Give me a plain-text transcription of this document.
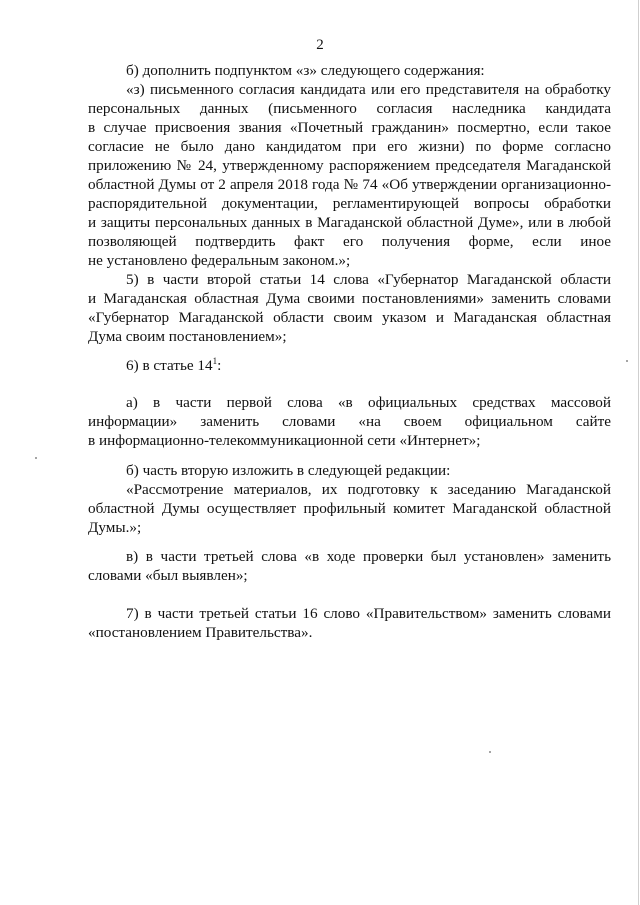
2
б) дополнить подпунктом «з» следующего содержания:
«з) письменного согласия кандидата или его представителя на обработку
персональных данных (письменного согласия наследника кандидата
в случае присвоения звания «Почетный гражданин» посмертно, если такое
согласие не было дано кандидатом при его жизни) по форме согласно
приложению № 24, утвержденному распоряжением председателя Магаданской
областной Думы от 2 апреля 2018 года № 74 «Об утверждении организационно-
распорядительной документации, регламентирующей вопросы обработки
и защиты персональных данных в Магаданской областной Думе», или в любой
позволяющей подтвердить факт его получения форме, если иное
не установлено федеральным законом.»;
5) в части второй статьи 14 слова «Губернатор Магаданской области
и Магаданская областная Дума своими постановлениями» заменить словами
«Губернатор Магаданской области своим указом и Магаданская областная
Дума своим постановлением»;
6) в статье $14^1$:
а) в части первой слова «в официальных средствах массовой
информации» заменить словами «на своем официальном сайте
в информационно-телекоммуникационной сети «Интернет»;
б) часть вторую изложить в следующей редакции:
«Рассмотрение материалов, их подготовку к заседанию Магаданской
областной Думы осуществляет профильный комитет Магаданской областной
Думы.»;
в) в части третьей слова «в ходе проверки был установлен» заменить
словами «был выявлен»;
7) в части третьей статьи 16 слово «Правительством» заменить словами
«постановлением Правительства».
